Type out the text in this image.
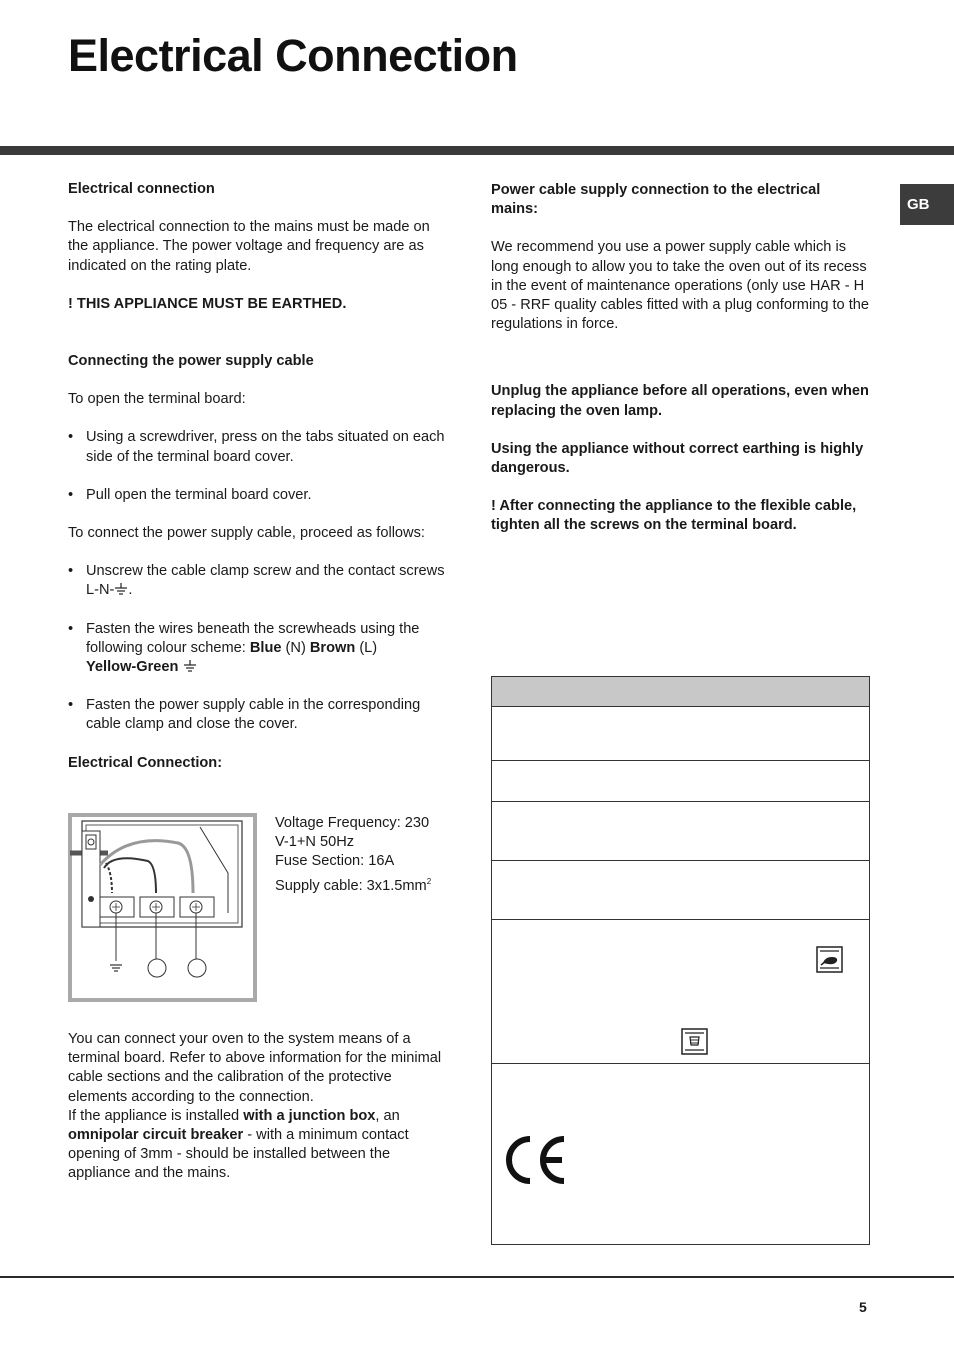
Electrical Connection
GB

Electrical connection

The electrical connection to the mains must be made on the appliance. The power voltage and frequency are as indicated on the rating plate.

! THIS APPLIANCE MUST BE EARTHED.

Connecting the power supply cable

To open the terminal board:

• Using a screwdriver, press on the tabs situated on each side of the terminal board cover.

• Pull open the terminal board cover.

To connect the power supply cable, proceed as follows:

• Unscrew the cable clamp screw and the contact screws L-N- .

• Fasten the wires beneath the screwheads using the following colour scheme: Blue (N) Brown (L)
Yellow-Green

• Fasten the power supply cable in the corresponding cable clamp and close the cover.

Electrical Connection:

Voltage Frequency: 230
V-1+N 50Hz
Fuse Section: 16A
Supply cable: $3x1.5mm^2$
You can connect your oven to the system means of a terminal board. Refer to above information for the minimal cable sections and the calibration of the protective elements according to the connection.
If the appliance is installed with a junction box, an
omnipolar circuit breaker - with a minimum contact opening of 3mm - should be installed between the appliance and the mains.

Power cable supply connection to the electrical mains:

We recommend you use a power supply cable which is long enough to allow you to take the oven out of its recess in the event of maintenance operations (only use HAR - H 05 - RRF quality cables fitted with a plug conforming to the regulations in force.

Unplug the appliance before all operations, even when replacing the oven lamp.

Using the appliance without correct earthing is highly dangerous.

! After connecting the appliance to the flexible cable, tighten all the screws on the terminal board.

5
